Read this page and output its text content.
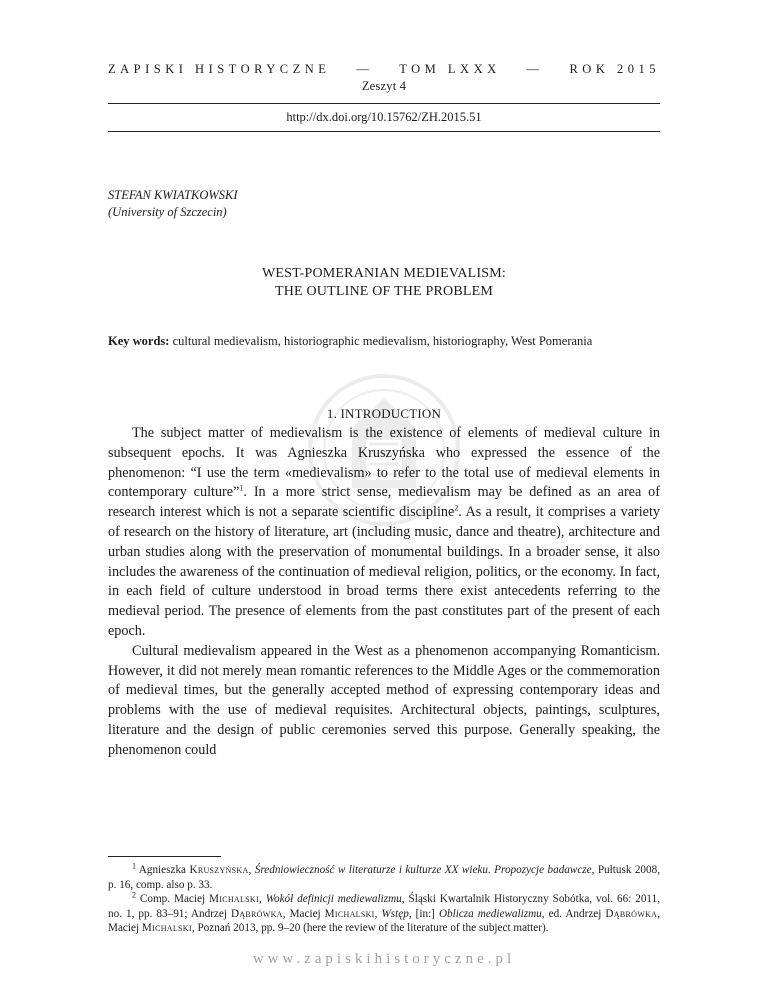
ZAPISKI HISTORYCZNE — TOM LXXX — ROK 2015
Zeszyt 4
http://dx.doi.org/10.15762/ZH.2015.51
STEFAN KWIATKOWSKI
(University of Szczecin)
WEST-POMERANIAN MEDIEVALISM:
THE OUTLINE OF THE PROBLEM
Key words: cultural medievalism, historiographic medievalism, historiography, West Pomerania
1. INTRODUCTION

The subject matter of medievalism is the existence of elements of medieval culture in subsequent epochs. It was Agnieszka Kruszyńska who expressed the essence of the phenomenon: “I use the term «medievalism» to refer to the total use of medieval elements in contemporary culture”$^1$. In a more strict sense, medievalism may be defined as an area of research interest which is not a separate scientific discipline$^2$. As a result, it comprises a variety of research on the history of literature, art (including music, dance and theatre), architecture and urban studies along with the preservation of monumental buildings. In a broader sense, it also includes the awareness of the continuation of medieval religion, politics, or the economy. In fact, in each field of culture understood in broad terms there exist antecedents referring to the medieval period. The presence of elements from the past constitutes part of the present of each epoch.

Cultural medievalism appeared in the West as a phenomenon accompanying Romanticism. However, it did not merely mean romantic references to the Middle Ages or the commemoration of medieval times, but the generally accepted method of expressing contemporary ideas and problems with the use of medieval requisites. Architectural objects, paintings, sculptures, literature and the design of public ceremonies served this purpose. Generally speaking, the phenomenon could

$^1$ Agnieszka Kruszyńska, Średniowieczność w literaturze i kulturze XX wieku. Propozycje badawcze, Pułtusk 2008, p. 16, comp. also p. 33.

$^2$ Comp. Maciej Michalski, Wokół definicji mediewalizmu, Śląski Kwartalnik Historyczny Sobótka, vol. 66: 2011, no. 1, pp. 83–91; Andrzej Dąbrówka, Maciej Michalski, Wstęp, [in:] Oblicza mediewalizmu, ed. Andrzej Dąbrówka, Maciej Michalski, Poznań 2013, pp. 9–20 (here the review of the literature of the subject matter).

www.zapiskihistoryczne.pl
